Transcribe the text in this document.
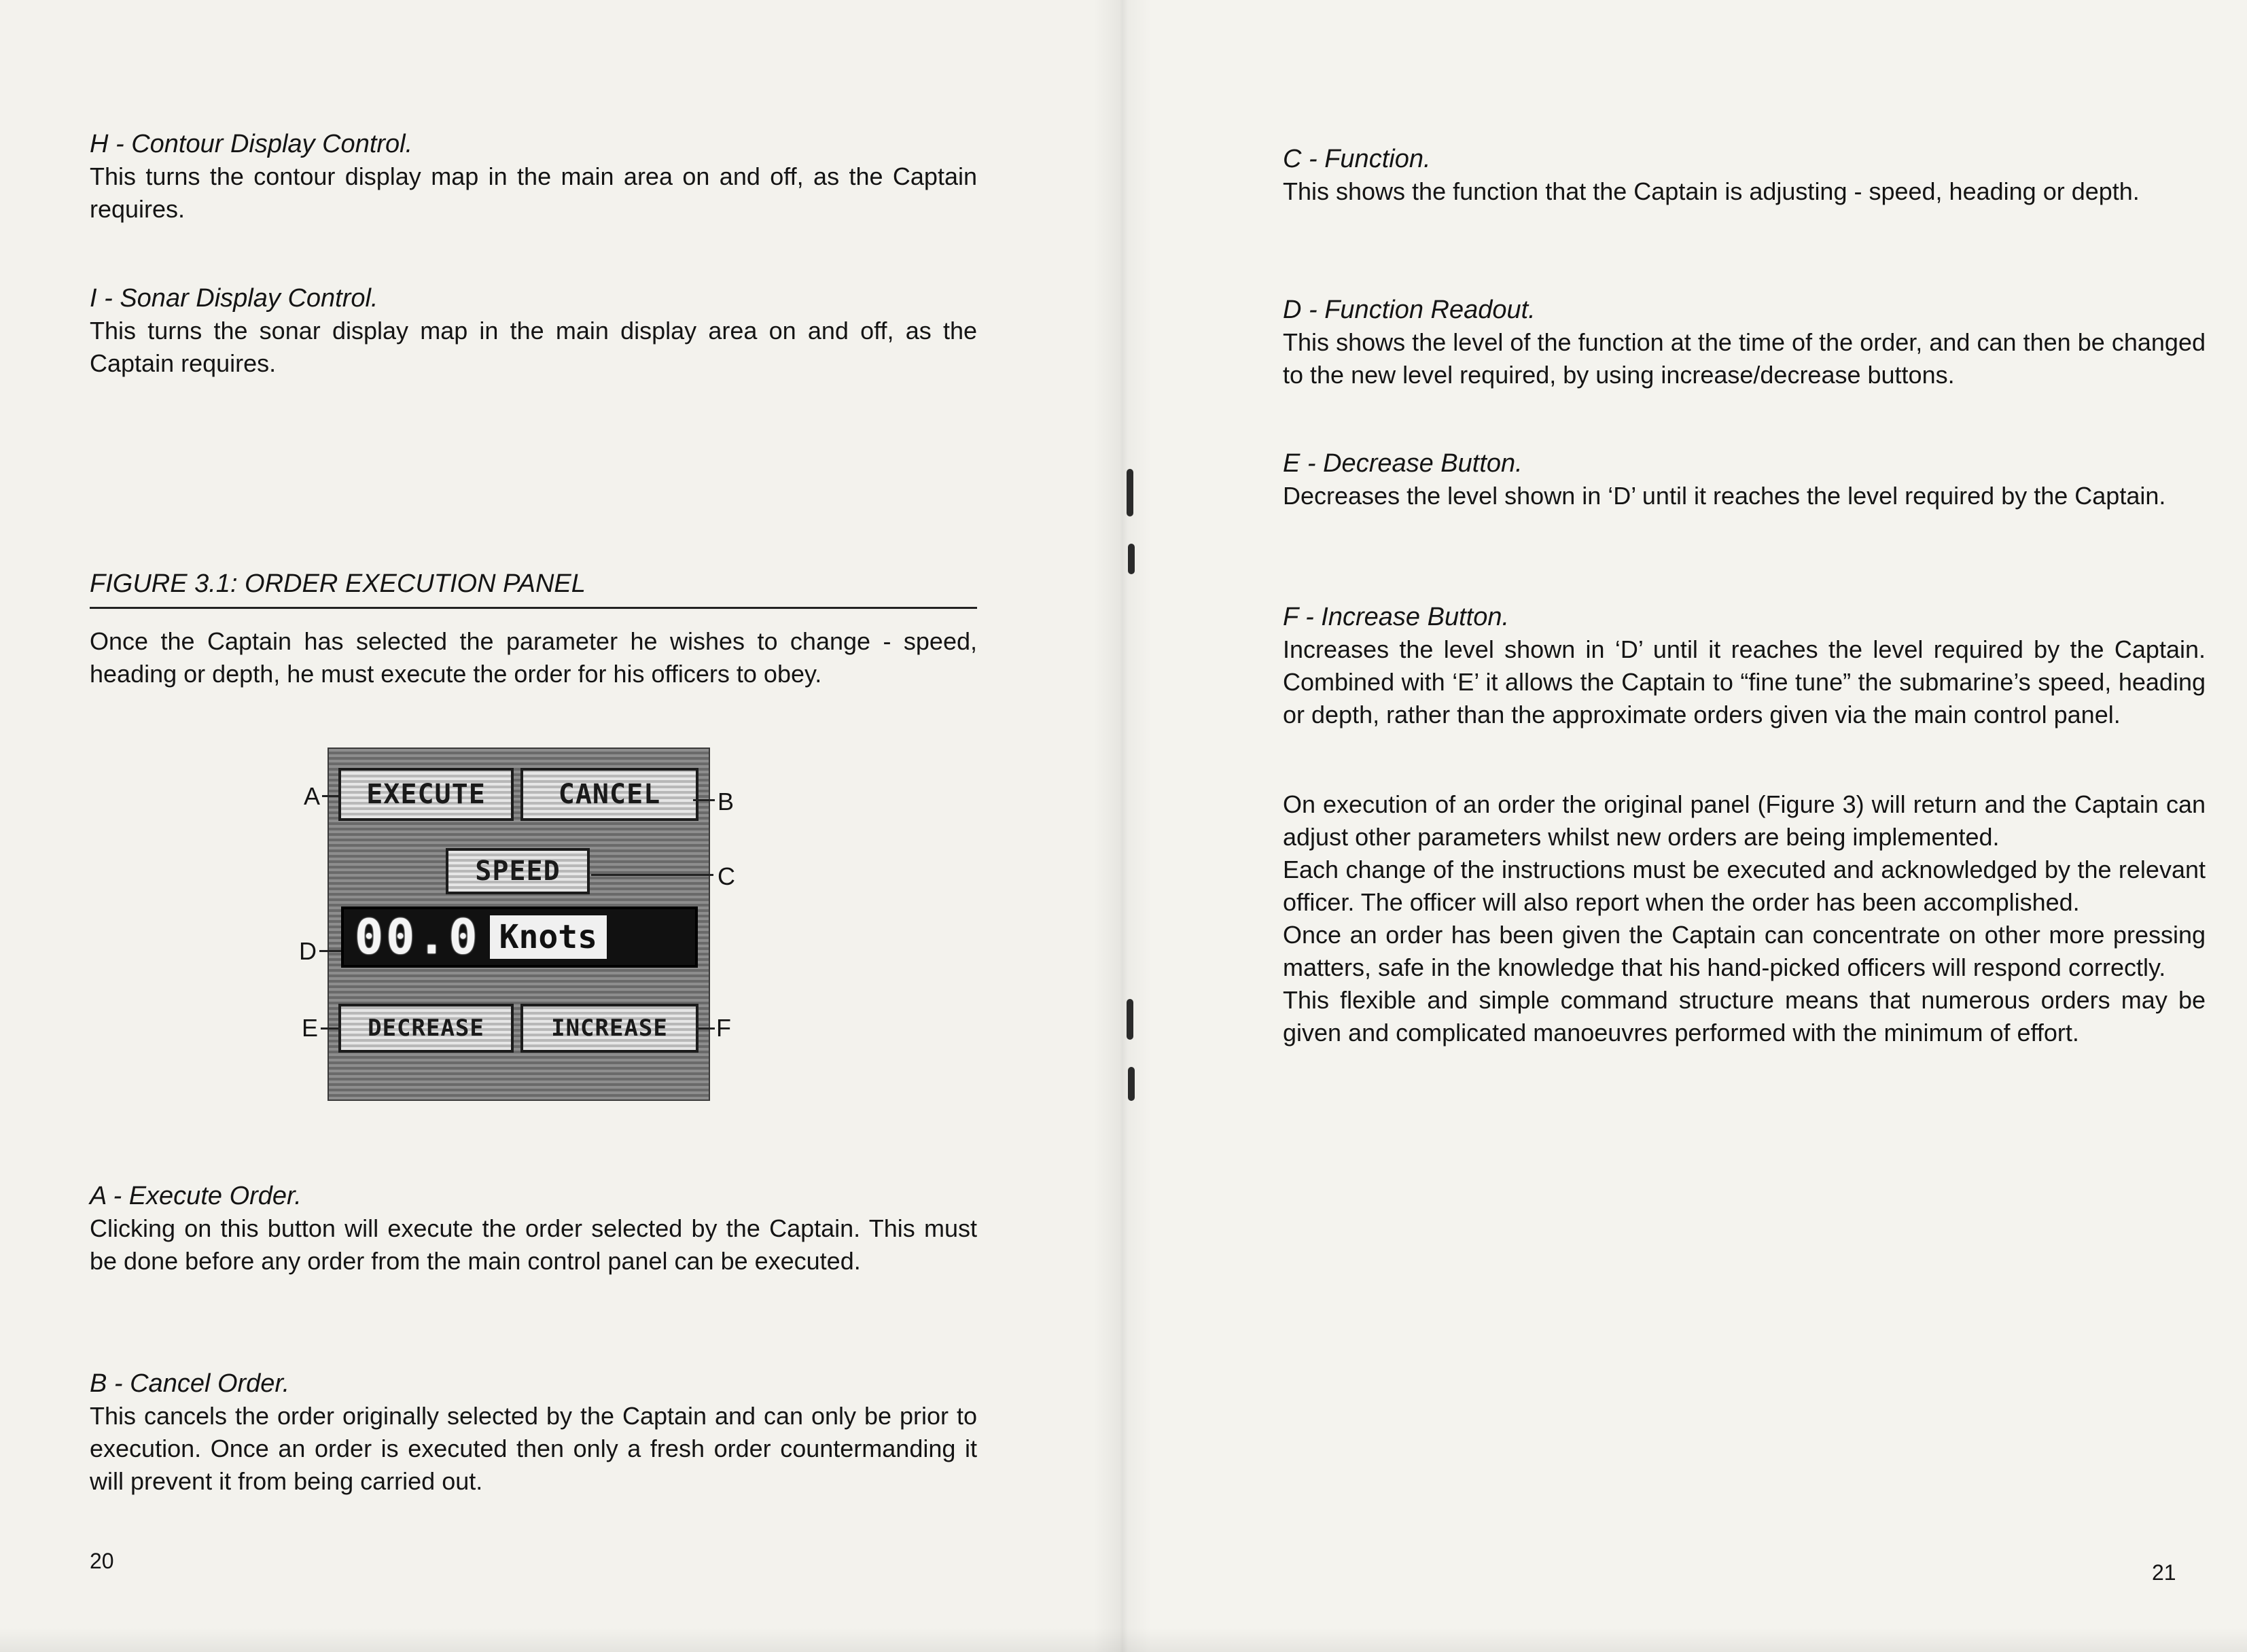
H - Contour Display Control.

This turns the contour display map in the main area on and off, as the Captain requires.

I - Sonar Display Control.

This turns the sonar display map in the main display area on and off, as the Captain requires.

FIGURE 3.1: ORDER EXECUTION PANEL

Once the Captain has selected the parameter he wishes to change - speed, heading or depth, he must execute the order for his officers to obey.

EXECUTE	CANCEL
SPEED
00.0 Knots
DECREASE	INCREASE
A	B
C
D
E	F
A - Execute Order.

Clicking on this button will execute the order selected by the Captain. This must be done before any order from the main control panel can be executed.

B - Cancel Order.

This cancels the order originally selected by the Captain and can only be prior to execution. Once an order is executed then only a fresh order countermanding it will prevent it from being carried out.

20
C - Function.

This shows the function that the Captain is adjusting - speed, heading or depth.

D - Function Readout.

This shows the level of the function at the time of the order, and can then be changed to the new level required, by using increase/decrease buttons.

E - Decrease Button.

Decreases the level shown in ‘D’ until it reaches the level required by the Captain.

F - Increase Button.

Increases the level shown in ‘D’ until it reaches the level required by the Captain. Combined with ‘E’ it allows the Captain to “fine tune” the submarine’s speed, heading or depth, rather than the approximate orders given via the main control panel.

On execution of an order the original panel (Figure 3) will return and the Captain can adjust other parameters whilst new orders are being implemented.

Each change of the instructions must be executed and acknowledged by the relevant officer. The officer will also report when the order has been accomplished.

Once an order has been given the Captain can concentrate on other more pressing matters, safe in the knowledge that his hand-picked officers will respond correctly.

This flexible and simple command structure means that numerous orders may be given and complicated manoeuvres performed with the minimum of effort.

21
